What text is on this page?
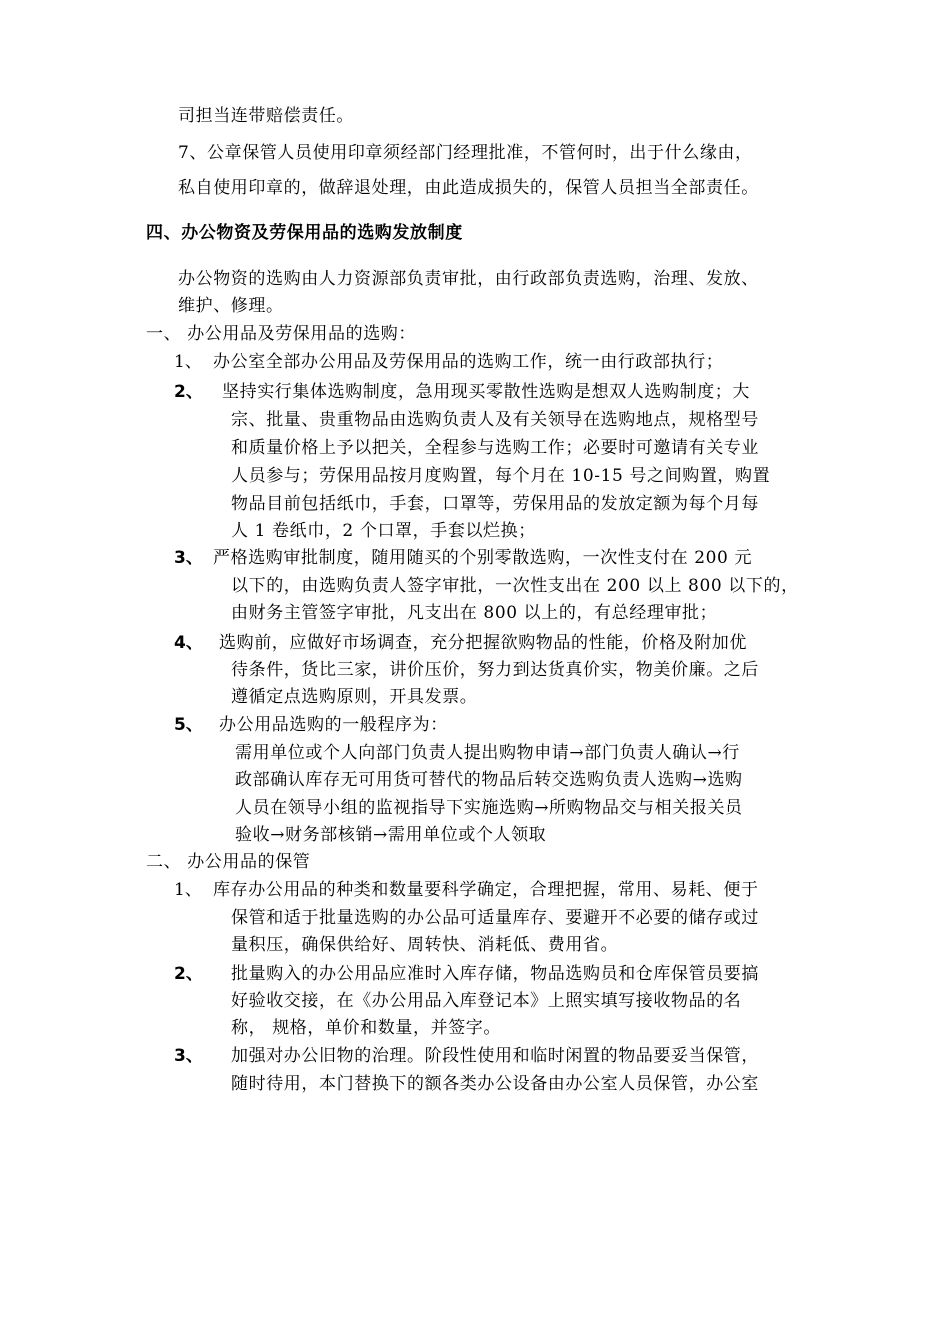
司担当连带赔偿责任。
7、公章保管人员使用印章须经部门经理批准，不管何时，出于什么缘由，
私自使用印章的，做辞退处理，由此造成损失的，保管人员担当全部责任。
四、办公物资及劳保用品的选购发放制度
办公物资的选购由人力资源部负责审批，由行政部负责选购，治理、发放、
维护、修理。
一、 办公用品及劳保用品的选购：
1、 办公室全部办公用品及劳保用品的选购工作，统一由行政部执行；
2、 坚持实行集体选购制度，急用现买零散性选购是想双人选购制度；大
宗、批量、贵重物品由选购负责人及有关领导在选购地点，规格型号
和质量价格上予以把关，全程参与选购工作；必要时可邀请有关专业
人员参与；劳保用品按月度购置，每个月在 10-15 号之间购置，购置
物品目前包括纸巾，手套，口罩等，劳保用品的发放定额为每个月每
人 1 卷纸巾，2 个口罩，手套以烂换；
3、 严格选购审批制度，随用随买的个别零散选购，一次性支付在 200 元
以下的，由选购负责人签字审批，一次性支出在 200 以上 800 以下的，
由财务主管签字审批，凡支出在 800 以上的，有总经理审批；
4、 选购前，应做好市场调查，充分把握欲购物品的性能，价格及附加优
待条件，货比三家，讲价压价，努力到达货真价实，物美价廉。之后
遵循定点选购原则，开具发票。
5、 办公用品选购的一般程序为：
需用单位或个人向部门负责人提出购物申请→部门负责人确认→行
政部确认库存无可用货可替代的物品后转交选购负责人选购→选购
人员在领导小组的监视指导下实施选购→所购物品交与相关报关员
验收→财务部核销→需用单位或个人领取
二、 办公用品的保管
1、 库存办公用品的种类和数量要科学确定，合理把握，常用、易耗、便于
保管和适于批量选购的办公品可适量库存、要避开不必要的储存或过
量积压，确保供给好、周转快、消耗低、费用省。
2、 批量购入的办公用品应准时入库存储，物品选购员和仓库保管员要搞
好验收交接，在《办公用品入库登记本》上照实填写接收物品的名
称， 规格，单价和数量，并签字。
3、 加强对办公旧物的治理。阶段性使用和临时闲置的物品要妥当保管，
随时待用，本门替换下的额各类办公设备由办公室人员保管，办公室
